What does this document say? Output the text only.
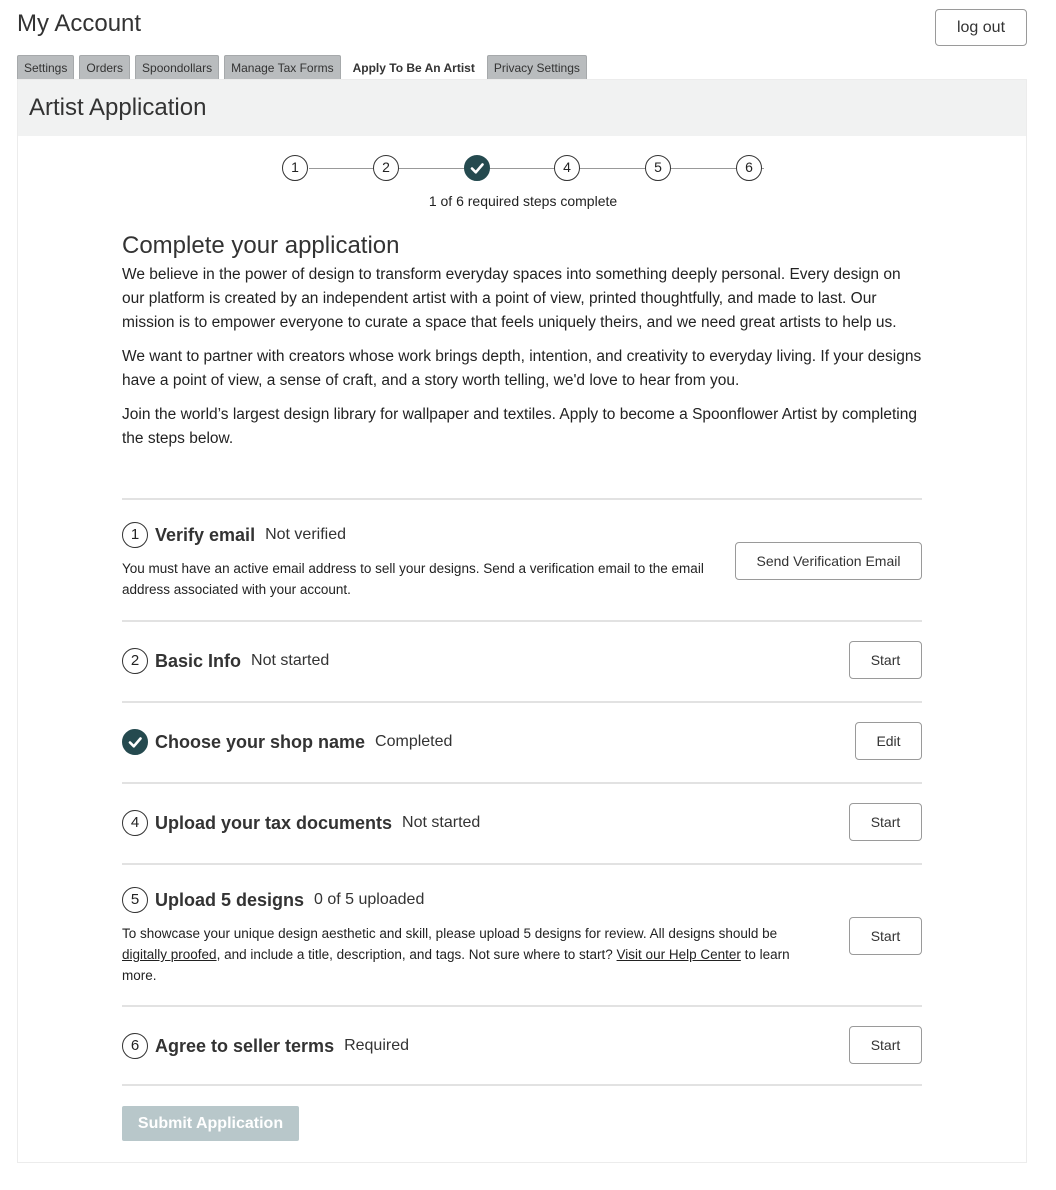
My Account	log out
Settings	Orders	Spoondollars	Manage Tax Forms	Apply To Be An Artist	Privacy Settings
Artist Application
1	2	4	5	6
1 of 6 required steps complete
Complete your application

We believe in the power of design to transform everyday spaces into something deeply personal. Every design on our platform is created by an independent artist with a point of view, printed thoughtfully, and made to last. Our mission is to empower everyone to curate a space that feels uniquely theirs, and we need great artists to help us.

We want to partner with creators whose work brings depth, intention, and creativity to everyday living. If your designs have a point of view, a sense of craft, and a story worth telling, we'd love to hear from you.

Join the world’s largest design library for wallpaper and textiles. Apply to become a Spoonflower Artist by completing the steps below.

1 Verify email Not verified
You must have an active email address to sell your designs. Send a verification email to the email address associated with your account.
Send Verification Email
2 Basic Info Not started	Start
Choose your shop name Completed	Edit
4 Upload your tax documents Not started	Start
5 Upload 5 designs 0 of 5 uploaded
To showcase your unique design aesthetic and skill, please upload 5 designs for review. All designs should be digitally proofed, and include a title, description, and tags. Not sure where to start? Visit our Help Center to learn more.
Start
6 Agree to seller terms Required	Start
Submit Application
